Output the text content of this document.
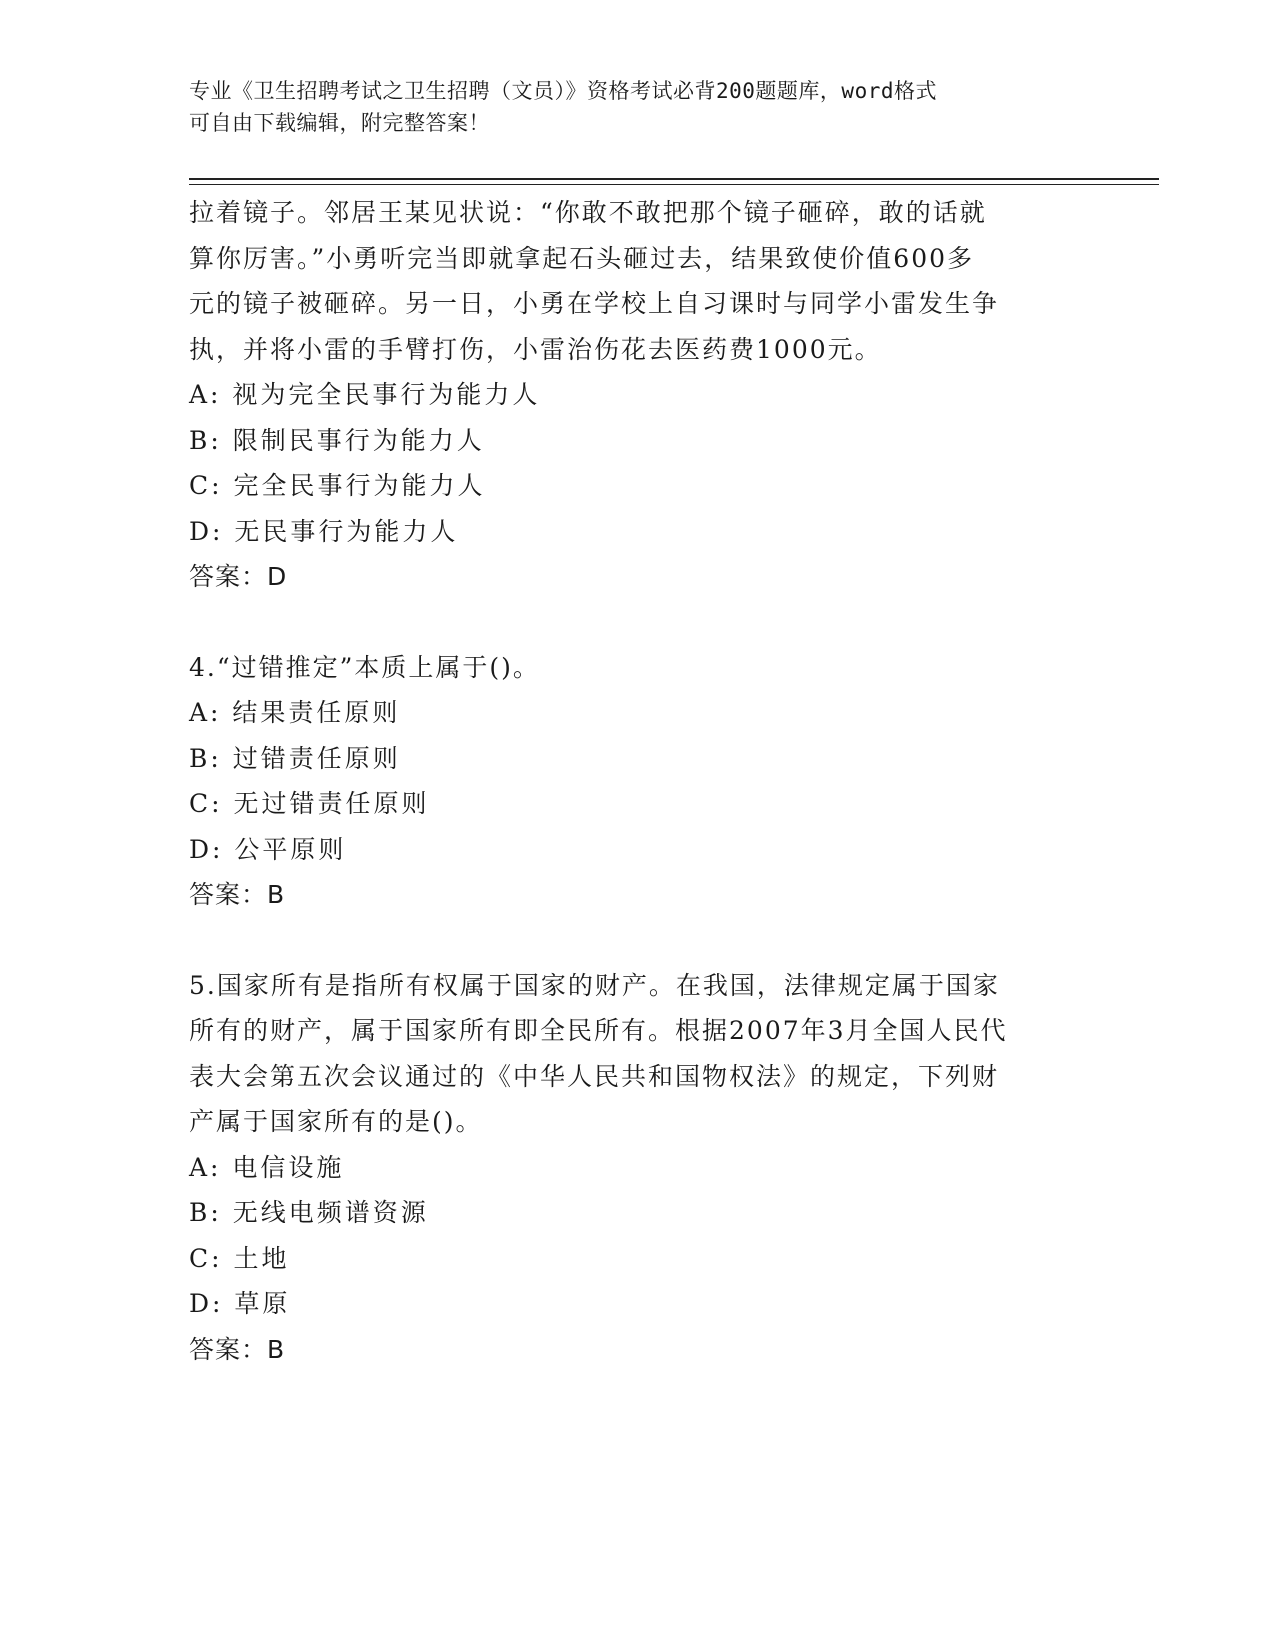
专业《卫生招聘考试之卫生招聘（文员）》资格考试必背200题题库，word格式
可自由下载编辑，附完整答案！
拉着镜子。邻居王某见状说：“你敢不敢把那个镜子砸碎，敢的话就
算你厉害。”小勇听完当即就拿起石头砸过去，结果致使价值600多
元的镜子被砸碎。另一日，小勇在学校上自习课时与同学小雷发生争
执，并将小雷的手臂打伤，小雷治伤花去医药费1000元。
A: 视为完全民事行为能力人
B: 限制民事行为能力人
C: 完全民事行为能力人
D: 无民事行为能力人
答案：D
4.“过错推定”本质上属于()。
A: 结果责任原则
B: 过错责任原则
C: 无过错责任原则
D: 公平原则
答案：B
5.国家所有是指所有权属于国家的财产。在我国，法律规定属于国家
所有的财产，属于国家所有即全民所有。根据2007年3月全国人民代
表大会第五次会议通过的《中华人民共和国物权法》的规定，下列财
产属于国家所有的是()。
A: 电信设施
B: 无线电频谱资源
C: 土地
D: 草原
答案：B
